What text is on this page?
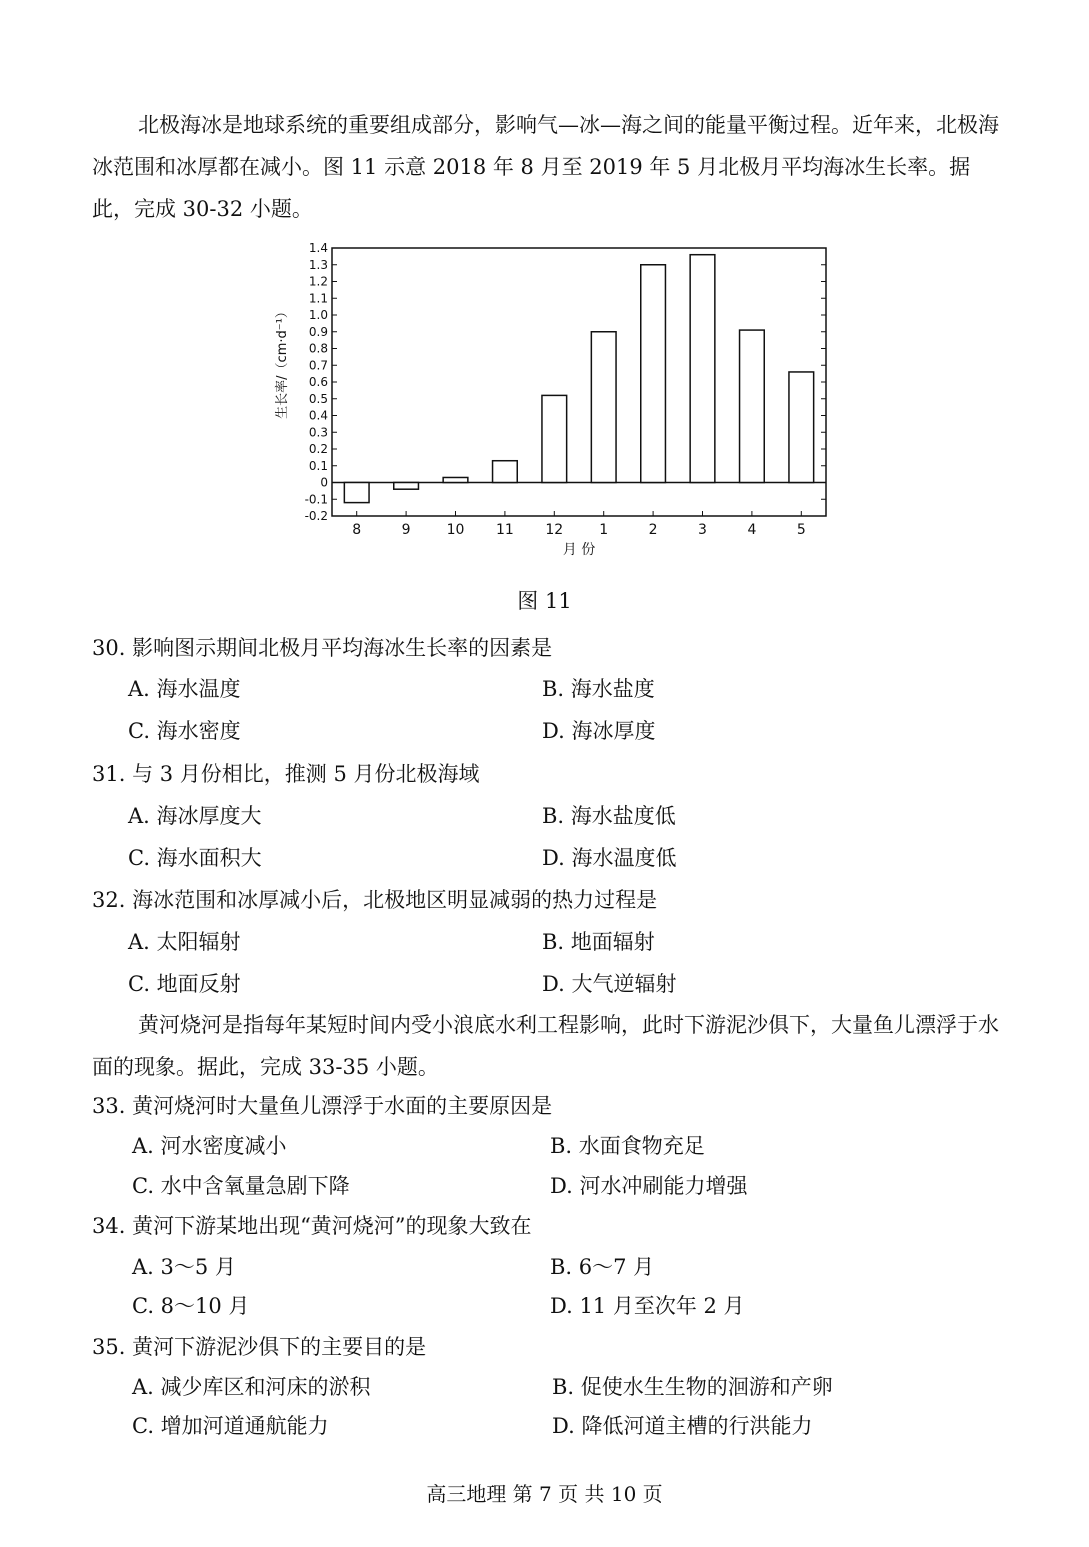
北极海冰是地球系统的重要组成部分，影响气—冰—海之间的能量平衡过程。近年来，北极海冰范围和冰厚都在减小。图 11 示意 2018 年 8 月至 2019 年 5 月北极月平均海冰生长率。据此，完成 30-32 小题。

-0.2
-0.1
0
0.1
0.2
0.3
0.4
0.5
0.6
0.7
0.8
0.9
1.0
1.1
1.2
1.3
1.4
8	9	10 11 12	1	2	3	4	5
月 份
生长率/（cm·d⁻¹）
图 11
30. 影响图示期间北极月平均海冰生长率的因素是
A. 海水温度	B. 海水盐度
C. 海水密度	D. 海冰厚度
31. 与 3 月份相比，推测 5 月份北极海域
A. 海冰厚度大	B. 海水盐度低
C. 海水面积大	D. 海水温度低
32. 海冰范围和冰厚减小后，北极地区明显减弱的热力过程是
A. 太阳辐射	B. 地面辐射
C. 地面反射	D. 大气逆辐射

黄河烧河是指每年某短时间内受小浪底水利工程影响，此时下游泥沙俱下，大量鱼儿漂浮于水面的现象。据此，完成 33-35 小题。

33. 黄河烧河时大量鱼儿漂浮于水面的主要原因是
A. 河水密度减小	B. 水面食物充足
C. 水中含氧量急剧下降	D. 河水冲刷能力增强
34. 黄河下游某地出现“黄河烧河”的现象大致在
A. 3～5 月	B. 6～7 月
C. 8～10 月	D. 11 月至次年 2 月
35. 黄河下游泥沙俱下的主要目的是
A. 减少库区和河床的淤积	B. 促使水生生物的洄游和产卵
C. 增加河道通航能力	D. 降低河道主槽的行洪能力
高三地理 第 7 页 共 10 页
